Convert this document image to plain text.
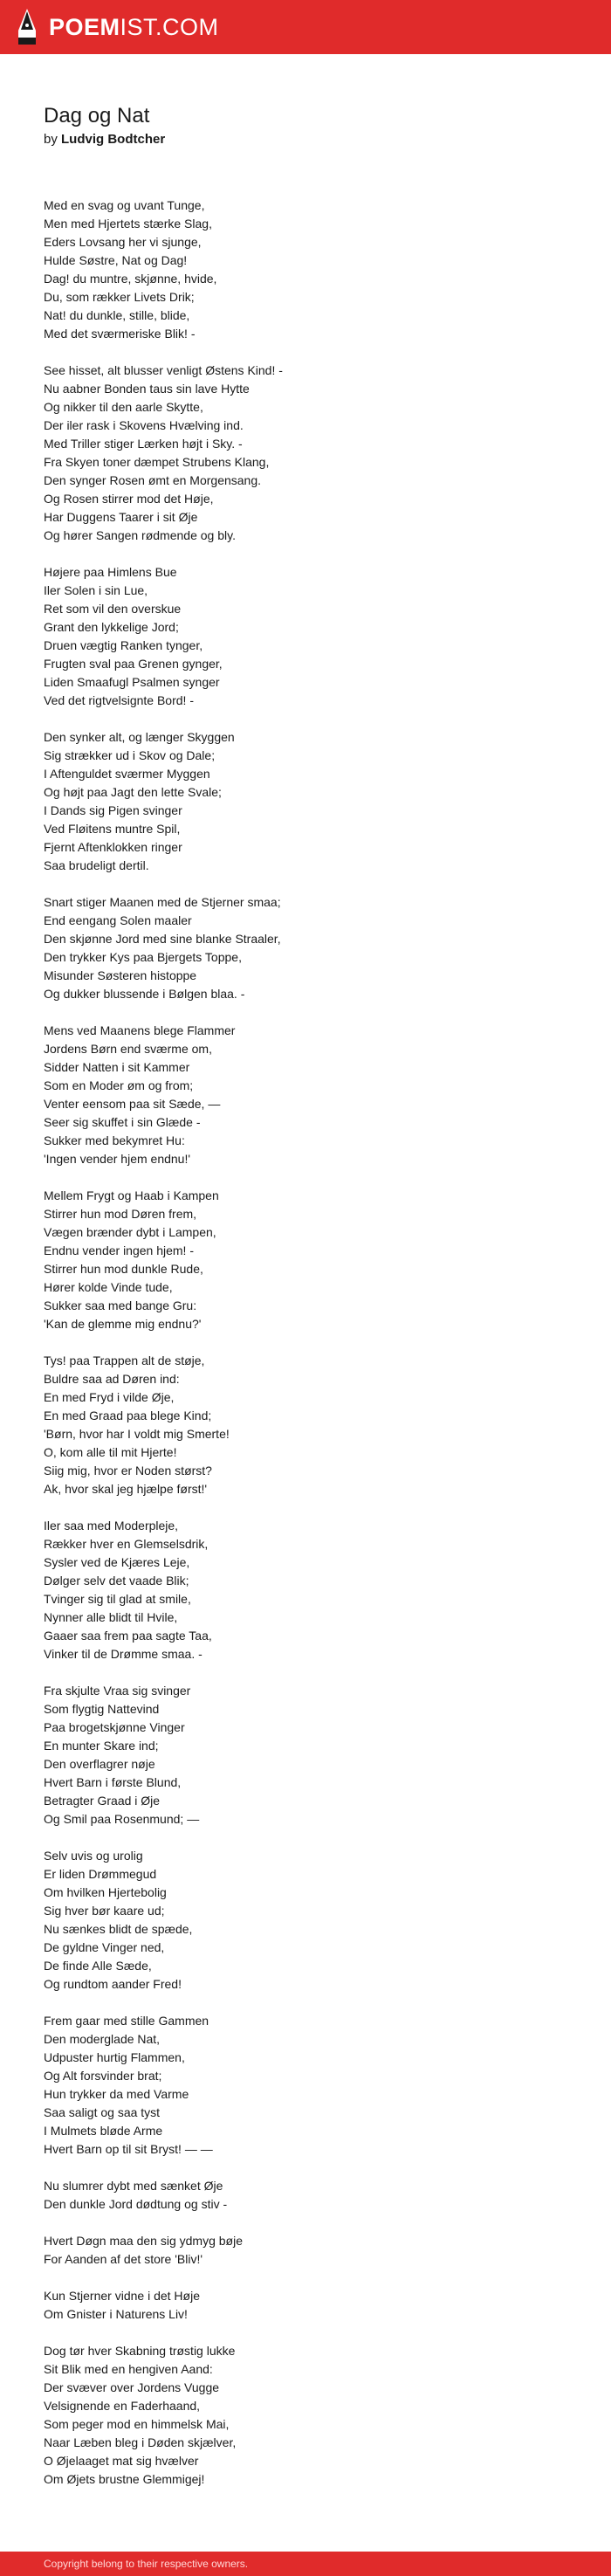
POEMIST.COM
Dag og Nat
by Ludvig Bodtcher
Med en svag og uvant Tunge,
Men med Hjertets stærke Slag,
Eders Lovsang her vi sjunge,
Hulde Søstre, Nat og Dag!
Dag! du muntre, skjønne, hvide,
Du, som rækker Livets Drik;
Nat! du dunkle, stille, blide,
Med det sværmeriske Blik! -
See hisset, alt blusser venligt Østens Kind! -
Nu aabner Bonden taus sin lave Hytte
Og nikker til den aarle Skytte,
Der iler rask i Skovens Hvælving ind.
Med Triller stiger Lærken højt i Sky. -
Fra Skyen toner dæmpet Strubens Klang,
Den synger Rosen ømt en Morgensang.
Og Rosen stirrer mod det Høje,
Har Duggens Taarer i sit Øje
Og hører Sangen rødmende og bly.
Højere paa Himlens Bue
Iler Solen i sin Lue,
Ret som vil den overskue
Grant den lykkelige Jord;
Druen vægtig Ranken tynger,
Frugten sval paa Grenen gynger,
Liden Smaafugl Psalmen synger
Ved det rigtvelsignte Bord! -
Den synker alt, og længer Skyggen
Sig strækker ud i Skov og Dale;
I Aftenguldet sværmer Myggen
Og højt paa Jagt den lette Svale;
I Dands sig Pigen svinger
Ved Fløitens muntre Spil,
Fjernt Aftenklokken ringer
Saa brudeligt dertil.
Snart stiger Maanen med de Stjerner smaa;
End eengang Solen maaler
Den skjønne Jord med sine blanke Straaler,
Den trykker Kys paa Bjergets Toppe,
Misunder Søsteren histoppe
Og dukker blussende i Bølgen blaa. -
Mens ved Maanens blege Flammer
Jordens Børn end sværme om,
Sidder Natten i sit Kammer
Som en Moder øm og from;
Venter eensom paa sit Sæde, —
Seer sig skuffet i sin Glæde -
Sukker med bekymret Hu:
'Ingen vender hjem endnu!'
Mellem Frygt og Haab i Kampen
Stirrer hun mod Døren frem,
Vægen brænder dybt i Lampen,
Endnu vender ingen hjem! -
Stirrer hun mod dunkle Rude,
Hører kolde Vinde tude,
Sukker saa med bange Gru:
'Kan de glemme mig endnu?'
Tys! paa Trappen alt de støje,
Buldre saa ad Døren ind:
En med Fryd i vilde Øje,
En med Graad paa blege Kind;
'Børn, hvor har I voldt mig Smerte!
O, kom alle til mit Hjerte!
Siig mig, hvor er Noden størst?
Ak, hvor skal jeg hjælpe først!'
Iler saa med Moderpleje,
Rækker hver en Glemselsdrik,
Sysler ved de Kjæres Leje,
Dølger selv det vaade Blik;
Tvinger sig til glad at smile,
Nynner alle blidt til Hvile,
Gaaer saa frem paa sagte Taa,
Vinker til de Drømme smaa. -
Fra skjulte Vraa sig svinger
Som flygtig Nattevind
Paa brogetskjønne Vinger
En munter Skare ind;
Den overflagrer nøje
Hvert Barn i første Blund,
Betragter Graad i Øje
Og Smil paa Rosenmund; —
Selv uvis og urolig
Er liden Drømmegud
Om hvilken Hjertebolig
Sig hver bør kaare ud;
Nu sænkes blidt de spæde,
De gyldne Vinger ned,
De finde Alle Sæde,
Og rundtom aander Fred!
Frem gaar med stille Gammen
Den moderglade Nat,
Udpuster hurtig Flammen,
Og Alt forsvinder brat;
Hun trykker da med Varme
Saa saligt og saa tyst
I Mulmets bløde Arme
Hvert Barn op til sit Bryst! — —
Nu slumrer dybt med sænket Øje
Den dunkle Jord dødtung og stiv -
Hvert Døgn maa den sig ydmyg bøje
For Aanden af det store 'Bliv!'
Kun Stjerner vidne i det Høje
Om Gnister i Naturens Liv!
Dog tør hver Skabning trøstig lukke
Sit Blik med en hengiven Aand:
Der svæver over Jordens Vugge
Velsignende en Faderhaand,
Som peger mod en himmelsk Mai,
Naar Læben bleg i Døden skjælver,
O Øjelaaget mat sig hvælver
Om Øjets brustne Glemmigej!
Copyright belong to their respective owners.
